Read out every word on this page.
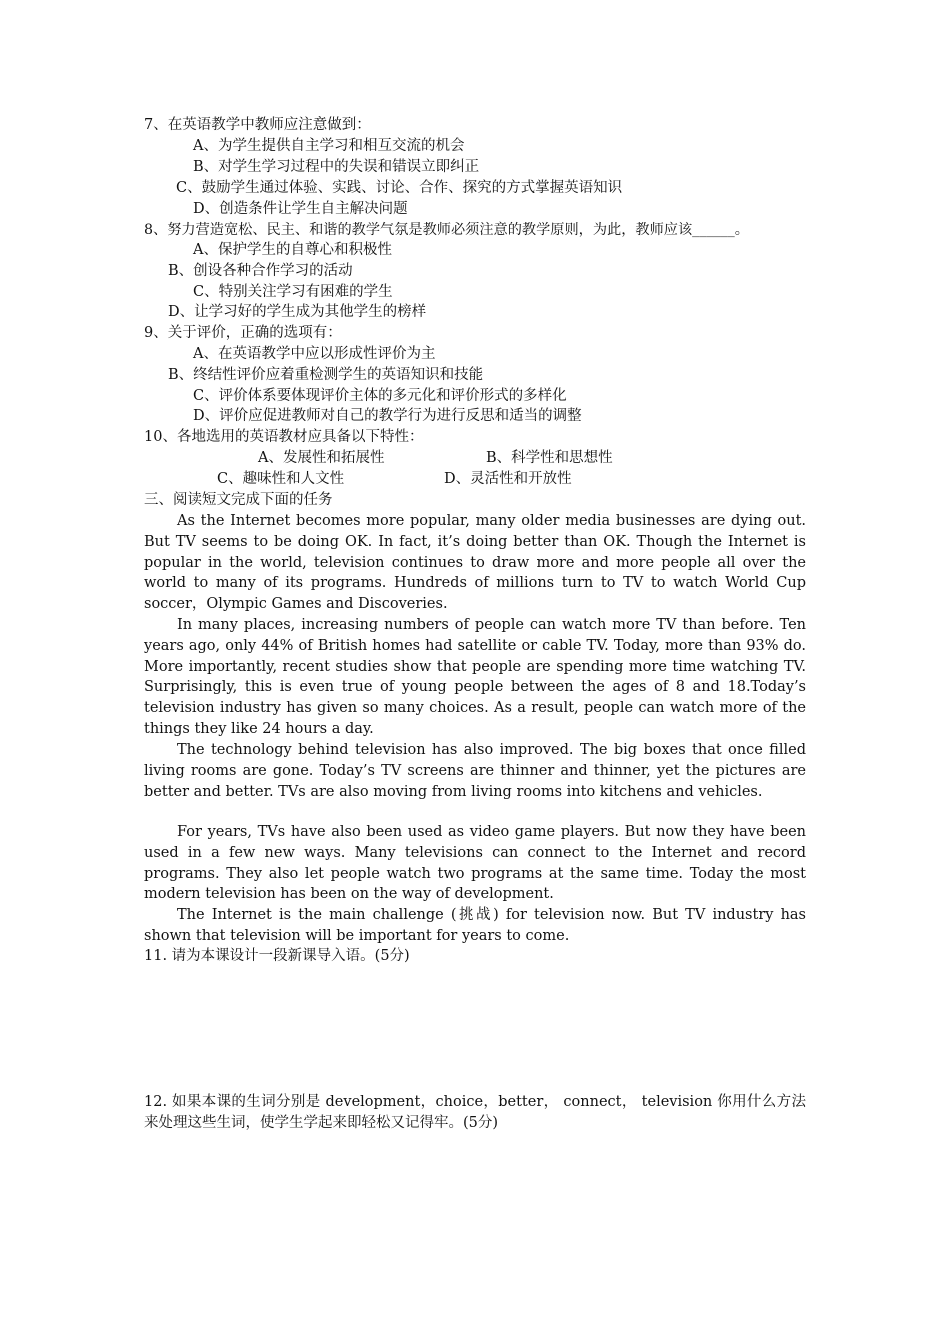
7、在英语教学中教师应注意做到：
A、为学生提供自主学习和相互交流的机会
B、对学生学习过程中的失误和错误立即纠正
C、鼓励学生通过体验、实践、讨论、合作、探究的方式掌握英语知识
D、创造条件让学生自主解决问题
8、努力营造宽松、民主、和谐的教学气氛是教师必须注意的教学原则，为此，教师应该______。
A、保护学生的自尊心和积极性
B、创设各种合作学习的活动
C、特别关注学习有困难的学生
D、让学习好的学生成为其他学生的榜样
9、关于评价，正确的选项有：
A、在英语教学中应以形成性评价为主
B、终结性评价应着重检测学生的英语知识和技能
C、评价体系要体现评价主体的多元化和评价形式的多样化
D、评价应促进教师对自己的教学行为进行反思和适当的调整
10、各地选用的英语教材应具备以下特性：
A、发展性和拓展性	B、科学性和思想性
C、趣味性和人文性	D、灵活性和开放性
三、阅读短文完成下面的任务

As the Internet becomes more popular, many older media businesses are dying out. But TV seems to be doing OK. In fact, it’s doing better than OK. Though the Internet is popular in the world, television continues to draw more and more people all over the world to many of its programs. Hundreds of millions turn to TV to watch World Cup soccer，Olympic Games and Discoveries.

In many places, increasing numbers of people can watch more TV than before. Ten years ago, only 44% of British homes had satellite or cable TV. Today, more than 93% do. More importantly, recent studies show that people are spending more time watching TV. Surprisingly, this is even true of young people between the ages of 8 and 18.Today’s television industry has given so many choices. As a result, people can watch more of the things they like 24 hours a day.

The technology behind television has also improved. The big boxes that once filled living rooms are gone. Today’s TV screens are thinner and thinner, yet the pictures are better and better. TVs are also moving from living rooms into kitchens and vehicles.

For years, TVs have also been used as video game players. But now they have been used in a few new ways. Many televisions can connect to the Internet and record programs. They also let people watch two programs at the same time. Today the most modern television has been on the way of development.

The Internet is the main challenge (挑战) for television now. But TV industry has shown that television will be important for years to come.

11. 请为本课设计一段新课导入语。(5分)

12. 如果本课的生词分别是 development，choice，better， connect， television 你用什么方法来处理这些生词，使学生学起来即轻松又记得牢。(5分)
